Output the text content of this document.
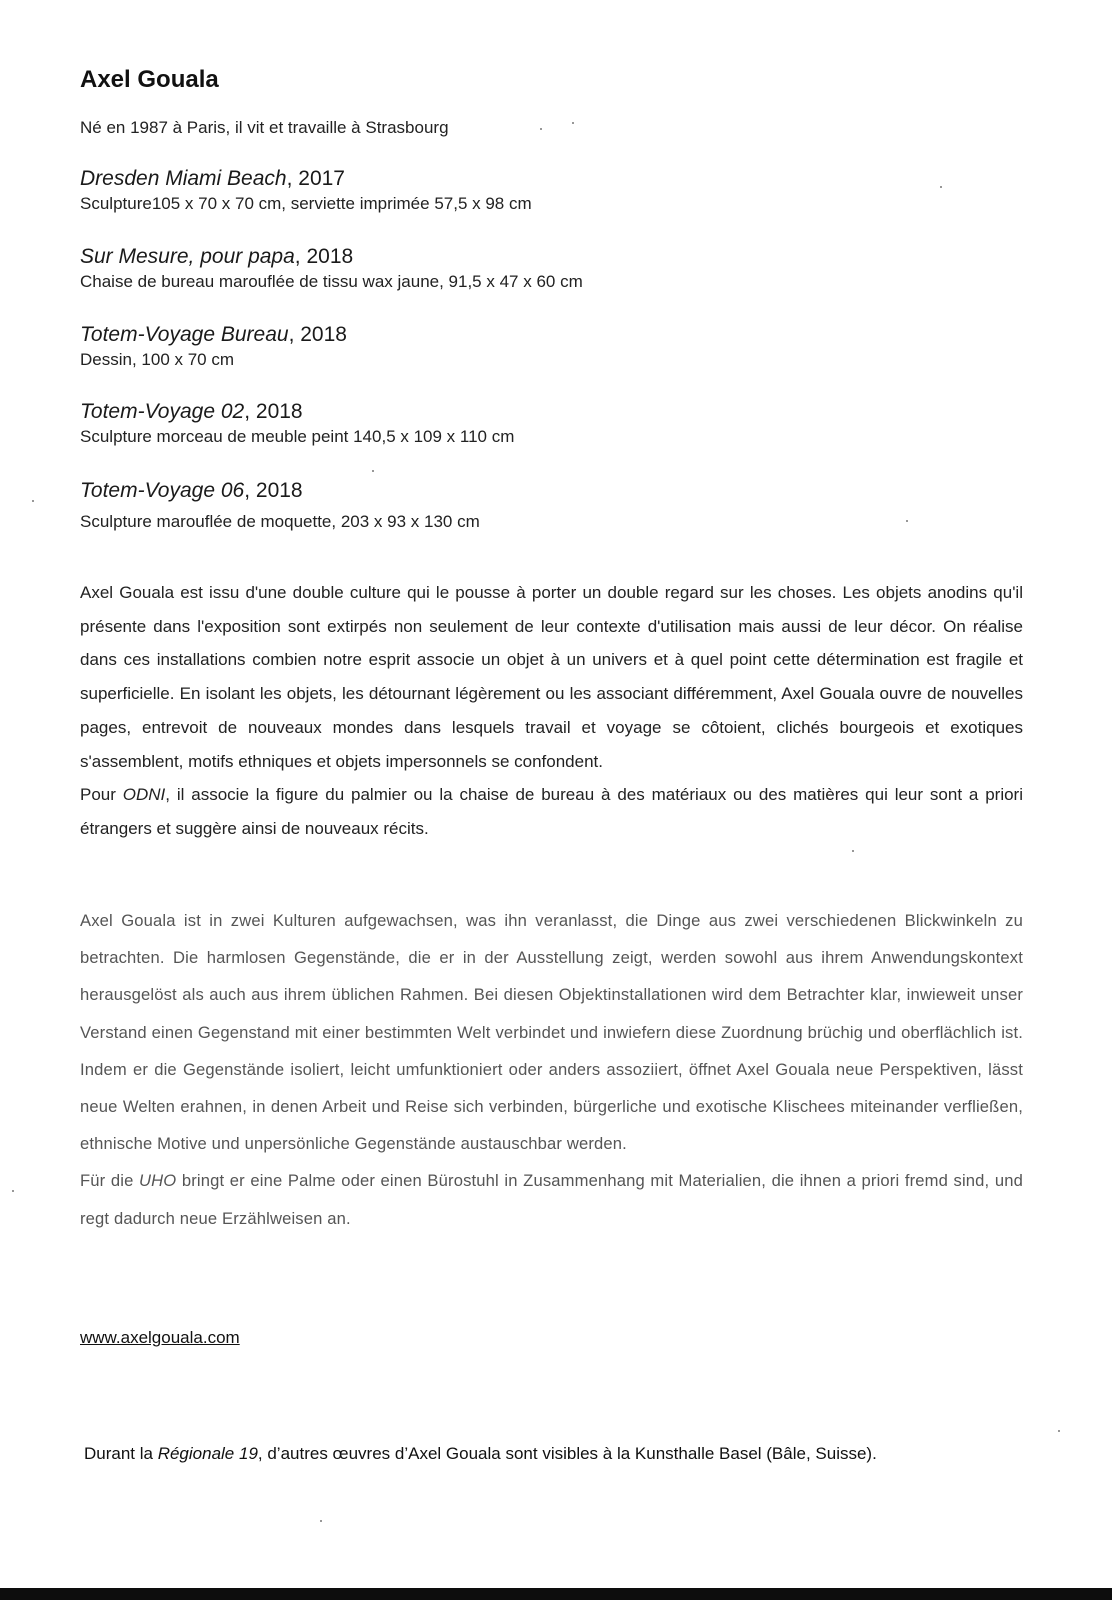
Axel Gouala
Né en 1987 à Paris, il vit et travaille à Strasbourg
Dresden Miami Beach, 2017
Sculpture105 x 70 x 70 cm, serviette imprimée 57,5 x 98 cm
Sur Mesure, pour papa, 2018
Chaise de bureau marouflée de tissu wax jaune, 91,5 x 47 x 60 cm
Totem-Voyage Bureau, 2018
Dessin, 100 x 70 cm
Totem-Voyage 02, 2018
Sculpture morceau de meuble peint 140,5 x 109 x 110 cm
Totem-Voyage 06, 2018
Sculpture marouflée de moquette, 203 x 93 x 130 cm
Axel Gouala est issu d'une double culture qui le pousse à porter un double regard sur les choses. Les objets anodins qu'il présente dans l'exposition sont extirpés non seulement de leur contexte d'utilisation mais aussi de leur décor. On réalise dans ces installations combien notre esprit associe un objet à un univers et à quel point cette détermination est fragile et superficielle. En isolant les objets, les détournant légèrement ou les associant différemment, Axel Gouala ouvre de nouvelles pages, entrevoit de nouveaux mondes dans lesquels travail et voyage se côtoient, clichés bourgeois et exotiques s'assemblent, motifs ethniques et objets impersonnels se confondent.
Pour ODNI, il associe la figure du palmier ou la chaise de bureau à des matériaux ou des matières qui leur sont a priori étrangers et suggère ainsi de nouveaux récits.
Axel Gouala ist in zwei Kulturen aufgewachsen, was ihn veranlasst, die Dinge aus zwei verschiedenen Blickwinkeln zu betrachten. Die harmlosen Gegenstände, die er in der Ausstellung zeigt, werden sowohl aus ihrem Anwendungskontext herausgelöst als auch aus ihrem üblichen Rahmen. Bei diesen Objektinstallationen wird dem Betrachter klar, inwieweit unser Verstand einen Gegenstand mit einer bestimmten Welt verbindet und inwiefern diese Zuordnung brüchig und oberflächlich ist. Indem er die Gegenstände isoliert, leicht umfunktioniert oder anders assoziiert, öffnet Axel Gouala neue Perspektiven, lässt neue Welten erahnen, in denen Arbeit und Reise sich verbinden, bürgerliche und exotische Klischees miteinander verfließen, ethnische Motive und unpersönliche Gegenstände austauschbar werden.
Für die UHO bringt er eine Palme oder einen Bürostuhl in Zusammenhang mit Materialien, die ihnen a priori fremd sind, und regt dadurch neue Erzählweisen an.
www.axelgouala.com
Durant la Régionale 19, d’autres œuvres d’Axel Gouala sont visibles à la Kunsthalle Basel (Bâle, Suisse).
